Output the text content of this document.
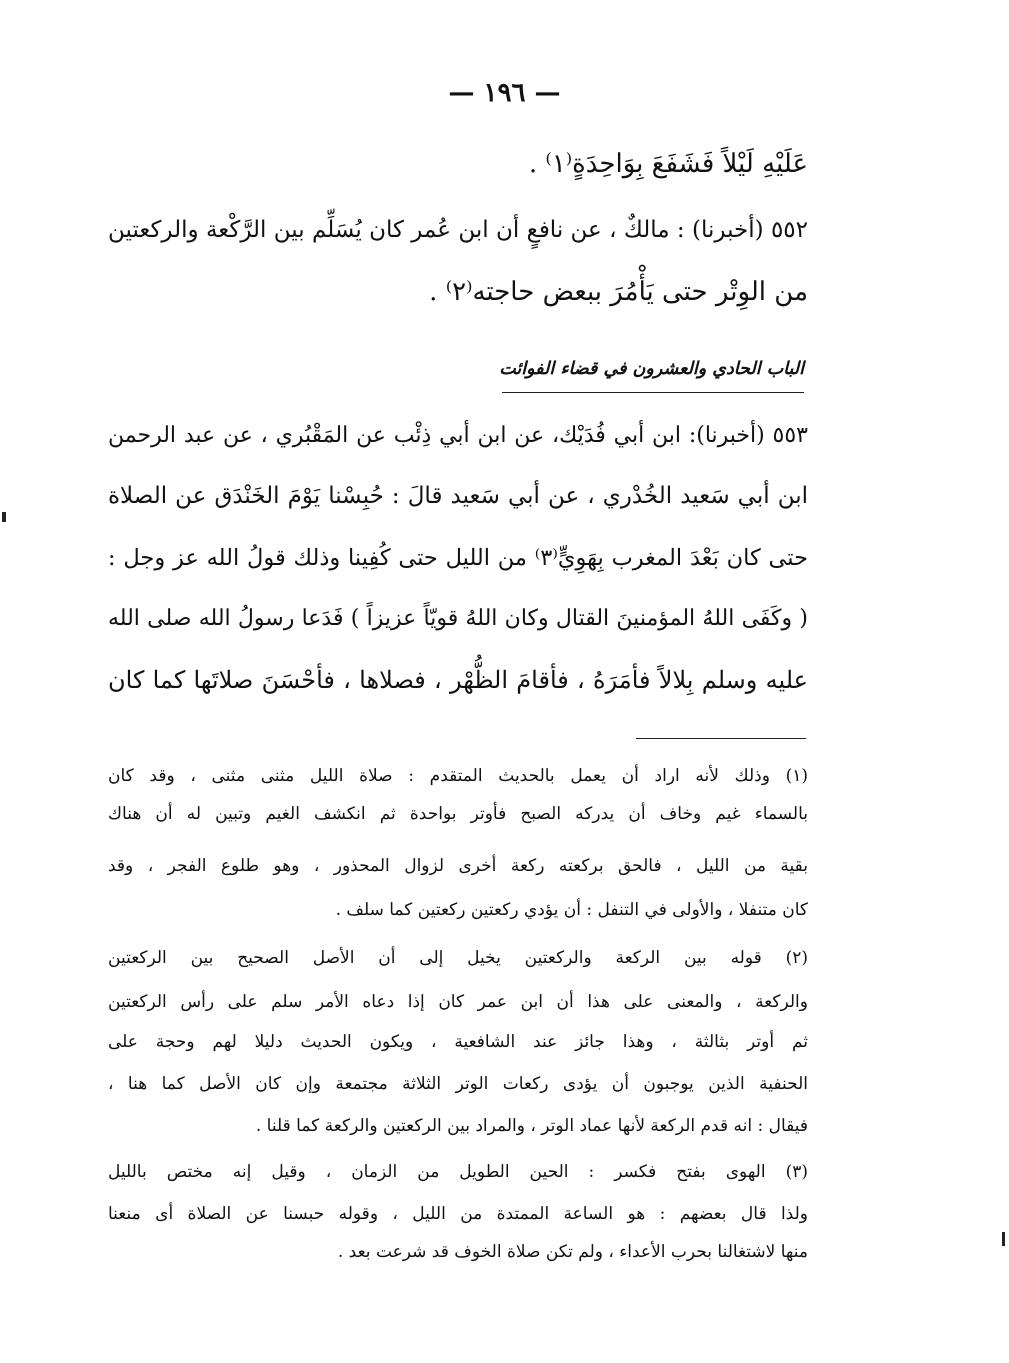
— ١٩٦ —
عَلَيْهِ لَيْلاً فَشَفَعَ بِوَاحِدَةٍ⁽١⁾ .
٥٥٢ (أخبرنا) : مالكٌ ، عن نافعٍ أن ابن عُمر كان يُسَلِّم بين الرَّكْعة والركعتين
من الوِتْر حتى يَأْمُرَ ببعض حاجته⁽٢⁾ .
الباب الحادي والعشرون في قضاء الفوائت
٥٥٣ (أخبرنا): ابن أبي فُدَيْك، عن ابن أبي ذِئْب عن المَقْبُري ، عن عبد الرحمن
ابن أبي سَعيد الخُدْري ، عن أبي سَعيد قالَ : حُبِسْنا يَوْمَ الخَنْدَق عن الصلاة
حتى كان بَعْدَ المغرب بِهَوِيٍّ⁽٣⁾ من الليل حتى كُفِينا وذلك قولُ الله عز وجل :
( وكَفَى اللهُ المؤمنينَ القتال وكان اللهُ قويّاً عزيزاً ) فَدَعا رسولُ الله صلى الله
عليه وسلم بِلالاً فأمَرَهُ ، فأقامَ الظُّهْر ، فصلاها ، فأحْسَنَ صلاتَها كما كان
(١) وذلك لأنه اراد أن يعمل بالحديث المتقدم : صلاة الليل مثنى مثنى ، وقد كان
بالسماء غيم وخاف أن يدركه الصبح فأوتر بواحدة ثم انكشف الغيم وتبين له أن هناك
بقية من الليل ، فالحق بركعته ركعة أخرى لزوال المحذور ، وهو طلوع الفجر ، وقد
كان متنفلا ، والأولى في التنفل : أن يؤدي ركعتين ركعتين كما سلف .
(٢) قوله بين الركعة والركعتين يخيل إلى أن الأصل الصحيح بين الركعتين
والركعة ، والمعنى على هذا أن ابن عمر كان إذا دعاه الأمر سلم على رأس الركعتين
ثم أوتر بثالثة ، وهذا جائز عند الشافعية ، ويكون الحديث دليلا لهم وحجة على
الحنفية الذين يوجبون أن يؤدى ركعات الوتر الثلاثة مجتمعة وإن كان الأصل كما هنا ،
فيقال : انه قدم الركعة لأنها عماد الوتر ، والمراد بين الركعتين والركعة كما قلنا .
(٣) الهوى بفتح فكسر : الحين الطويل من الزمان ، وقيل إنه مختص بالليل
ولذا قال بعضهم : هو الساعة الممتدة من الليل ، وقوله حبسنا عن الصلاة أى منعنا
منها لاشتغالنا بحرب الأعداء ، ولم تكن صلاة الخوف قد شرعت بعد .
